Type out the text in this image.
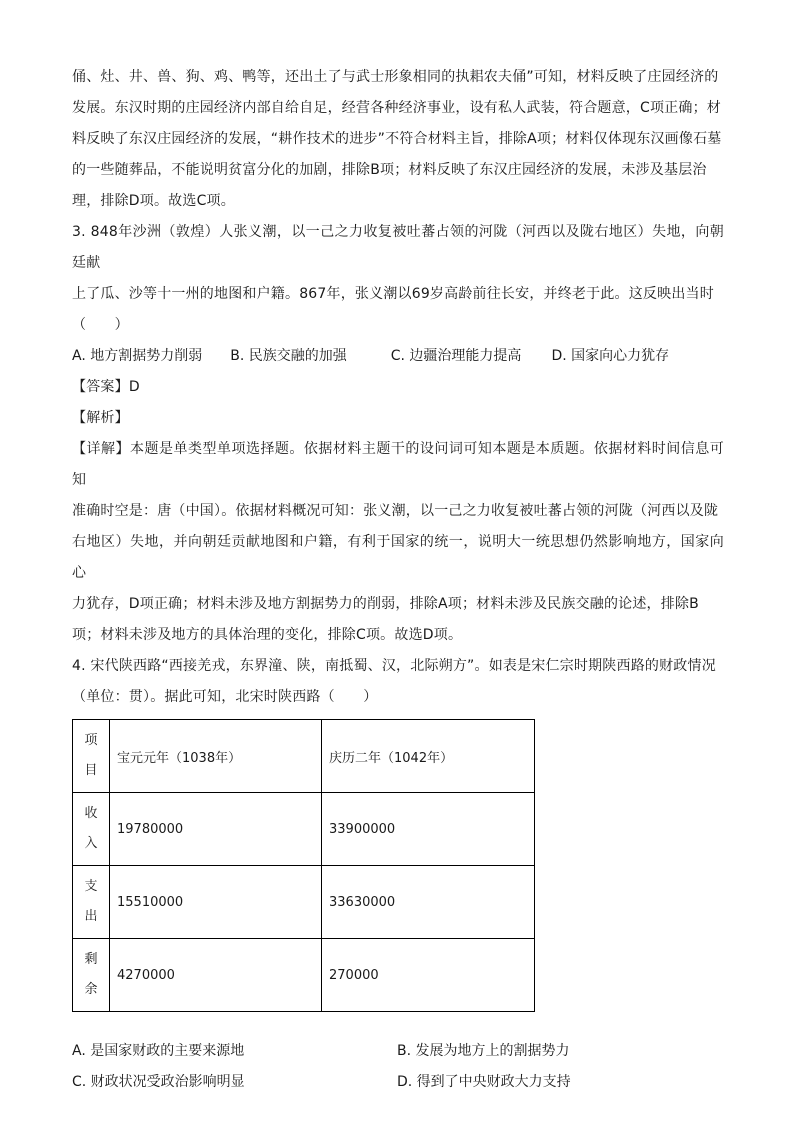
俑、灶、井、兽、狗、鸡、鸭等，还出土了与武士形象相同的执耜农夫俑”可知，材料反映了庄园经济的

发展。东汉时期的庄园经济内部自给自足，经营各种经济事业，设有私人武装，符合题意，C项正确；材

料反映了东汉庄园经济的发展，“耕作技术的进步”不符合材料主旨，排除A项；材料仅体现东汉画像石墓

的一些随葬品，不能说明贫富分化的加剧，排除B项；材料反映了东汉庄园经济的发展，未涉及基层治

理，排除D项。故选C项。

3. 848年沙洲（敦煌）人张义潮，以一己之力收复被吐蕃占领的河陇（河西以及陇右地区）失地，向朝廷献

上了瓜、沙等十一州的地图和户籍。867年，张义潮以69岁高龄前往长安，并终老于此。这反映出当时

（　　）

A. 地方割据势力削弱 B. 民族交融的加强	C. 边疆治理能力提高 D. 国家向心力犹存

【答案】D

【解析】

【详解】本题是单类型单项选择题。依据材料主题干的设问词可知本题是本质题。依据材料时间信息可知

准确时空是：唐（中国）。依据材料概况可知：张义潮，以一己之力收复被吐蕃占领的河陇（河西以及陇

右地区）失地，并向朝廷贡献地图和户籍，有利于国家的统一，说明大一统思想仍然影响地方，国家向心

力犹存，D项正确；材料未涉及地方割据势力的削弱，排除A项；材料未涉及民族交融的论述，排除B

项；材料未涉及地方的具体治理的变化，排除C项。故选D项。

4. 宋代陕西路“西接羌戎，东界潼、陕，南抵蜀、汉，北际朔方”。如表是宋仁宗时期陕西路的财政情况

（单位：贯）。据此可知，北宋时陕西路（　　）

项
目	宝元元年（1038年）	庆历二年（1042年）

收
入	19780000	33900000

支
出	15510000	33630000

剩
余	4270000	270000
A. 是国家财政的主要来源地	B. 发展为地方上的割据势力
C. 财政状况受政治影响明显	D. 得到了中央财政大力支持
